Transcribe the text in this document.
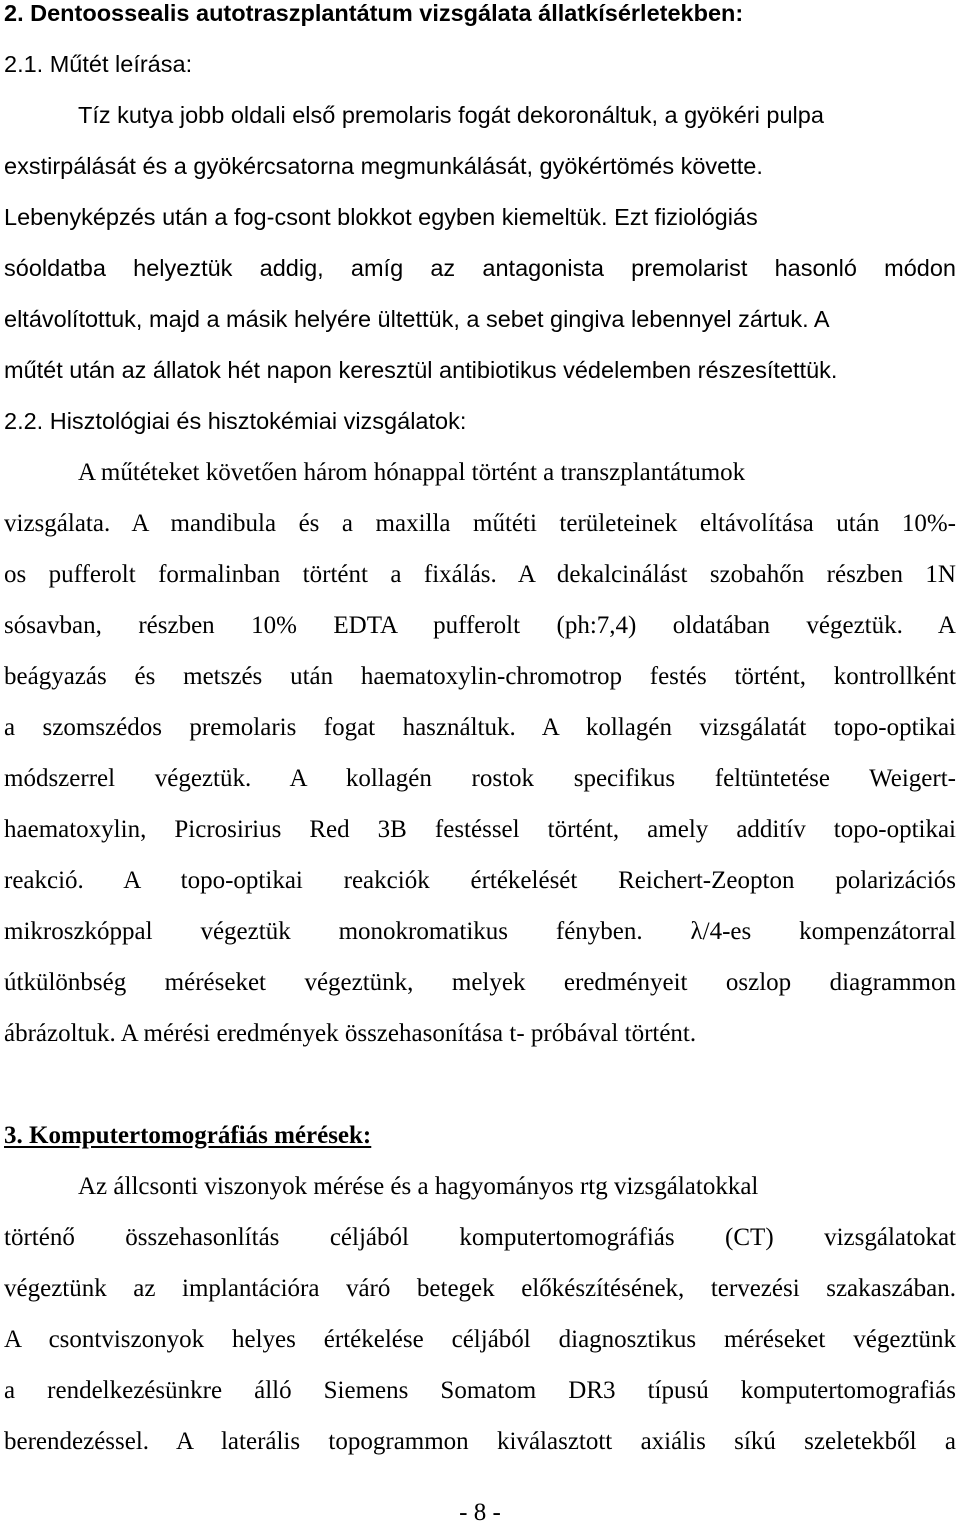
2. Dentoossealis autotraszplantátum vizsgálata állatkísérletekben:
2.1. Műtét leírása:
Tíz kutya jobb oldali első premolaris fogát dekoronáltuk, a gyökéri pulpa
exstirpálását és a gyökércsatorna megmunkálását, gyökértömés követte.
Lebenyképzés után a fog-csont blokkot egyben kiemeltük. Ezt fiziológiás
sóoldatba helyeztük addig, amíg az antagonista premolarist hasonló módon
eltávolítottuk, majd a másik helyére ültettük, a sebet gingiva lebennyel zártuk. A
műtét után az állatok hét napon keresztül antibiotikus védelemben részesítettük.
2.2. Hisztológiai és hisztokémiai vizsgálatok:
A műtéteket követően három hónappal történt a transzplantátumok
vizsgálata. A mandibula és a maxilla műtéti területeinek eltávolítása után 10%-
os pufferolt formalinban történt a fixálás. A dekalcinálást szobahőn részben 1N
sósavban, részben 10% EDTA pufferolt (ph:7,4) oldatában végeztük. A
beágyazás és metszés után haematoxylin-chromotrop festés történt, kontrollként
a szomszédos premolaris fogat használtuk. A kollagén vizsgálatát topo-optikai
módszerrel végeztük. A kollagén rostok specifikus feltüntetése Weigert-
haematoxylin, Picrosirius Red 3B festéssel történt, amely additív topo-optikai
reakció. A topo-optikai reakciók értékelését Reichert-Zeopton polarizációs
mikroszkóppal végeztük monokromatikus fényben. λ/4-es kompenzátorral
útkülönbség méréseket végeztünk, melyek eredményeit oszlop diagrammon
ábrázoltuk. A mérési eredmények összehasonítása t- próbával történt.
3. Komputertomográfiás mérések:
Az állcsonti viszonyok mérése és a hagyományos rtg vizsgálatokkal
történő összehasonlítás céljából komputertomográfiás (CT) vizsgálatokat
végeztünk az implantációra váró betegek előkészítésének, tervezési szakaszában.
A csontviszonyok helyes értékelése céljából diagnosztikus méréseket végeztünk
a rendelkezésünkre álló Siemens Somatom DR3 típusú komputertomografiás
berendezéssel. A laterális topogrammon kiválasztott axiális síkú szeletekből a
- 8 -
